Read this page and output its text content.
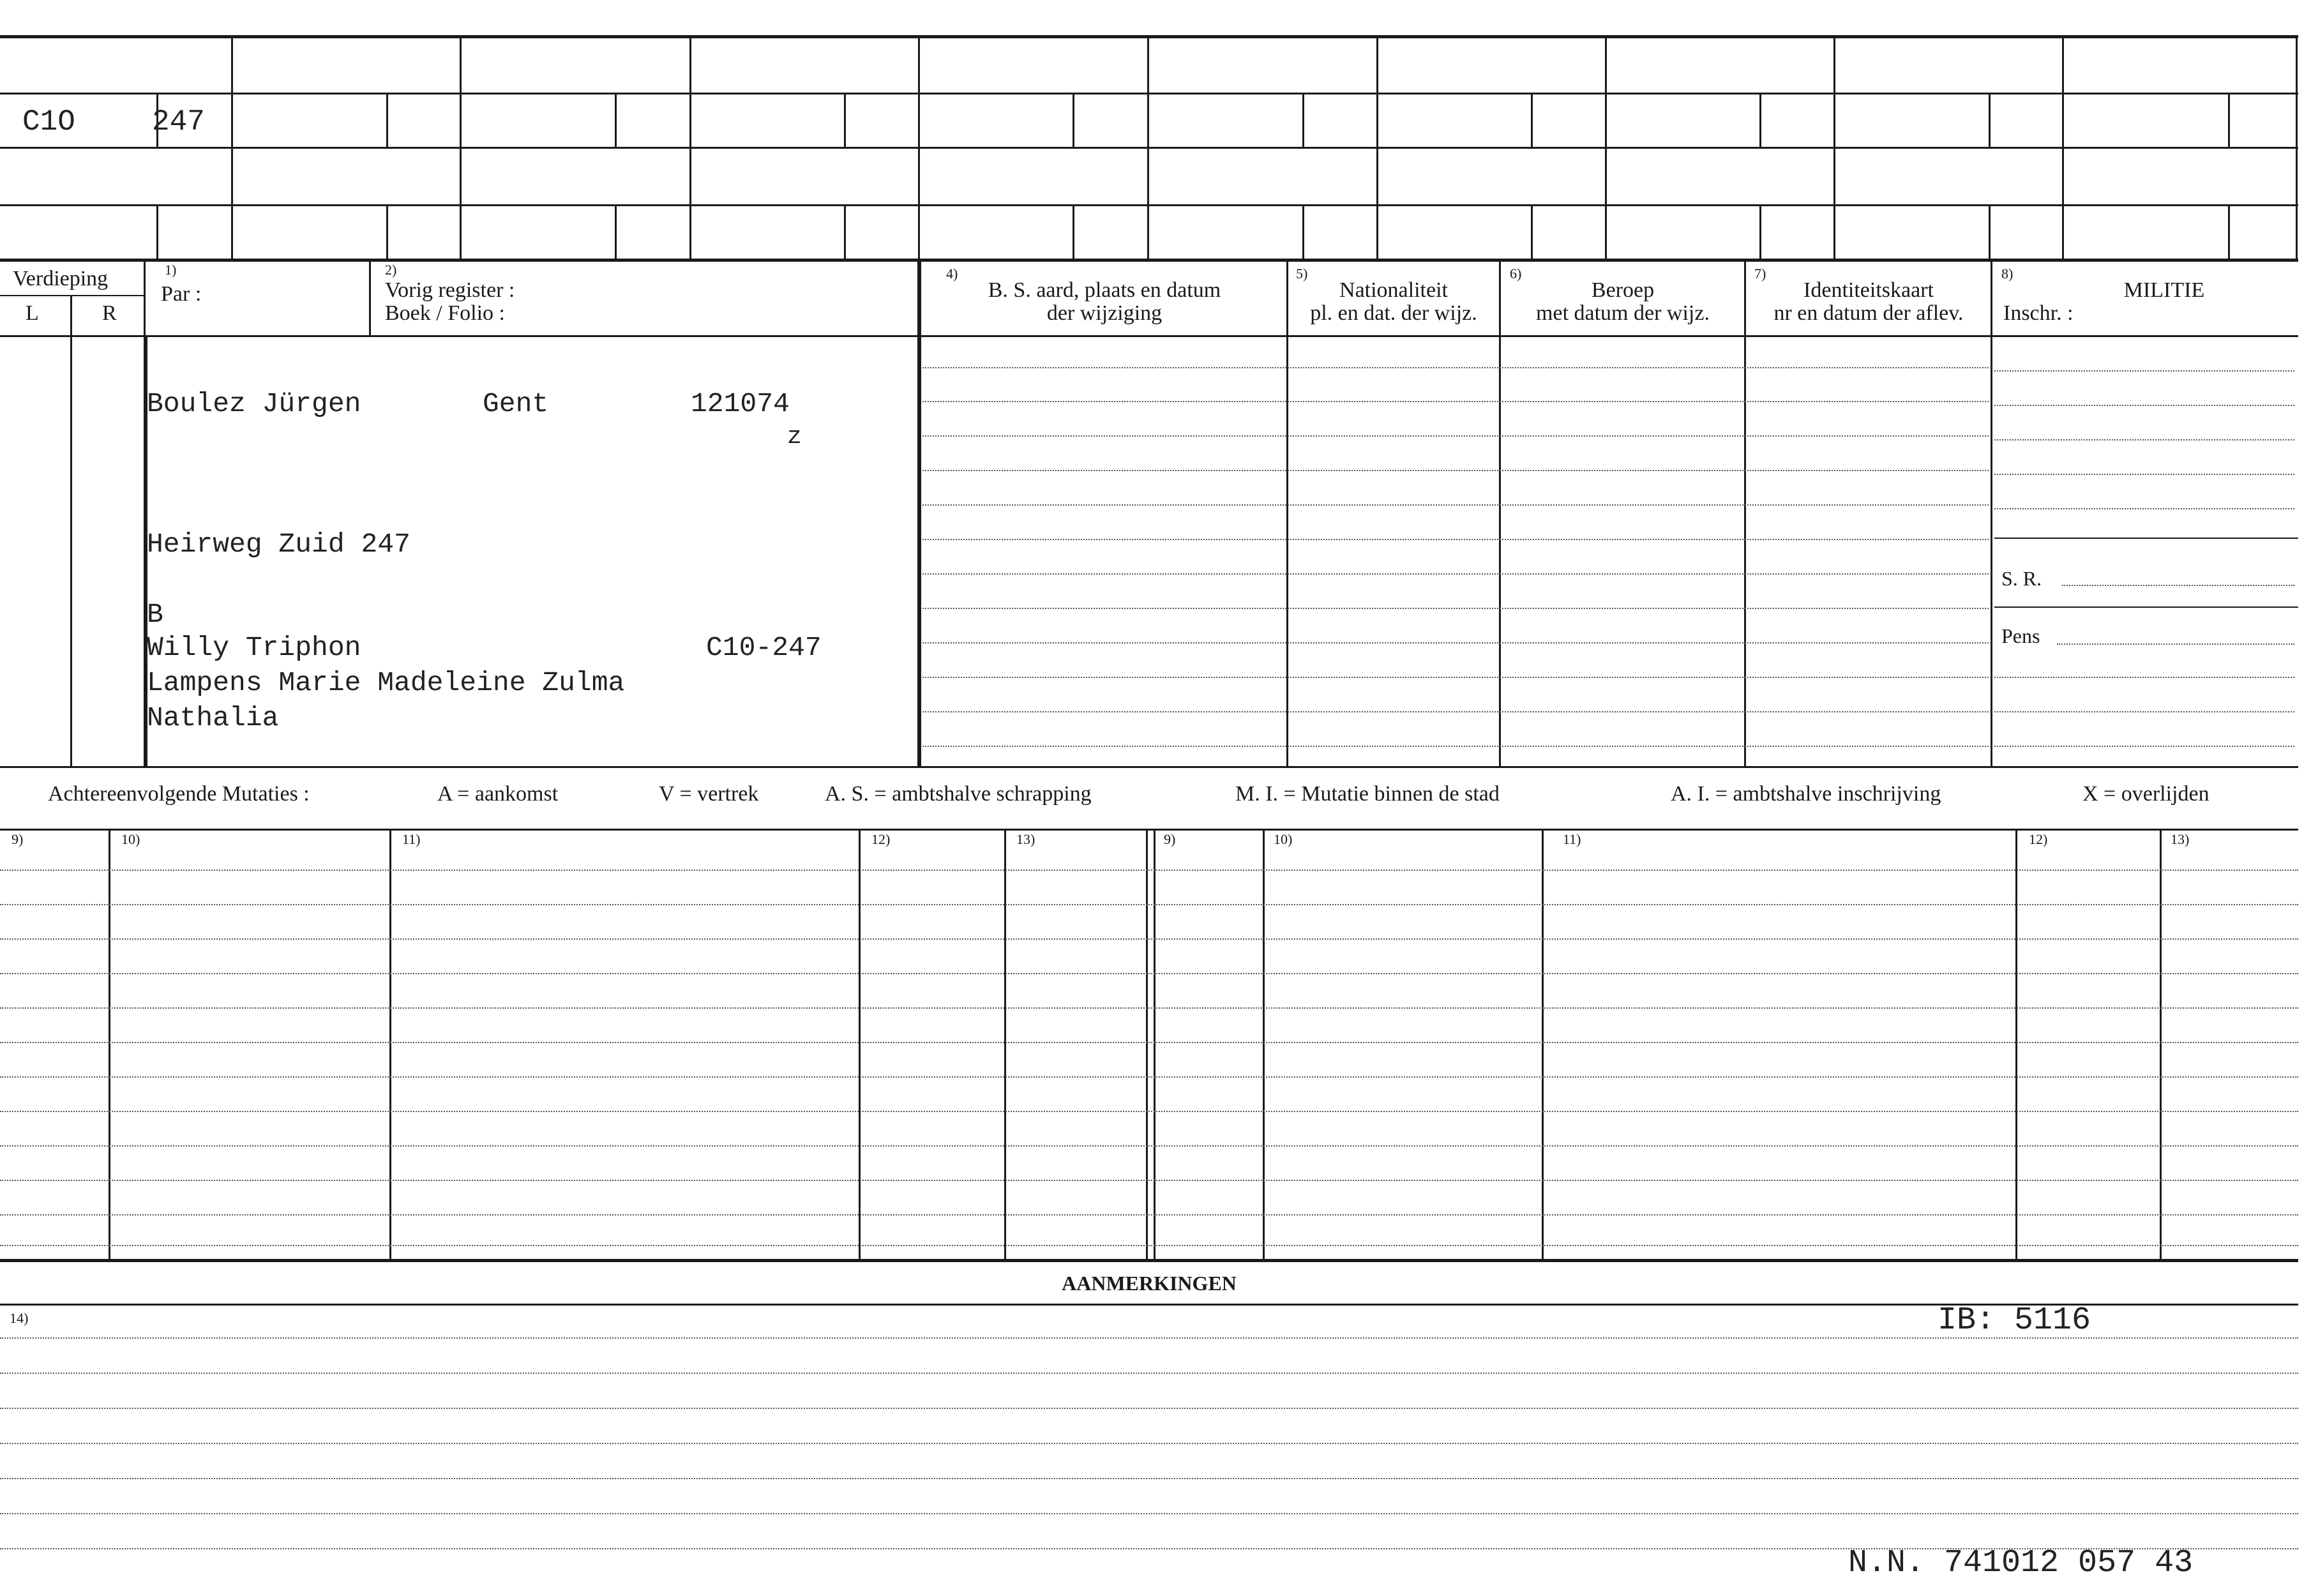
C1O	247
Verdieping
L	R
1)
Par :
2)
Vorig register :
Boek / Folio :
4)
B. S. aard, plaats en datum
der wijziging
5)
Nationaliteit
pl. en dat. der wijz.
6)
Beroep
met datum der wijz.
7)
Identiteitskaart
nr en datum der aflev.
8)
MILITIE
Inschr. :
Boulez Jürgen	Gent	121074
z
Heirweg Zuid 247
B
Willy Triphon	C10-247
Lampens Marie Madeleine Zulma
Nathalia
S. R.
Pens
Achtereenvolgende Mutaties :	A = aankomst	V = vertrek	A. S. = ambtshalve schrapping	M. I. = Mutatie binnen de stad	A. I. = ambtshalve inschrijving	X = overlijden
9)	10)	11)	12)	13)	9)	10)	11)	12)	13)
AANMERKINGEN
14)	IB: 5116
N.N. 741012 057 43
